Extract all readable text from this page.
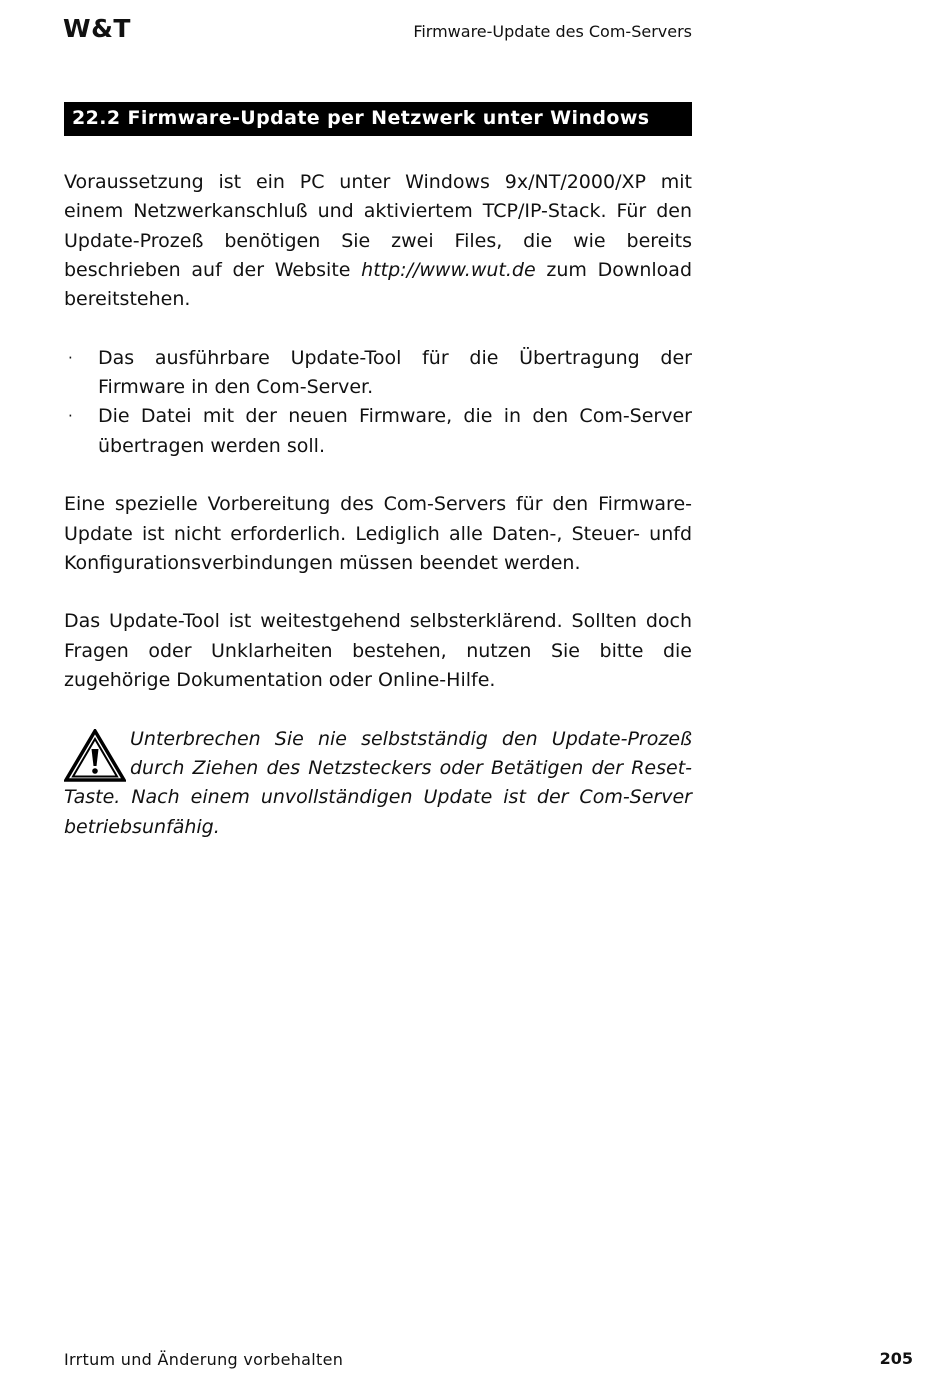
W&T	Firmware-Update des Com-Servers
22.2 Firmware-Update per Netzwerk unter Windows

Voraussetzung ist ein PC unter Windows 9x/NT/2000/XP mit einem Netzwerkanschluß und aktiviertem TCP/IP-Stack. Für den Update-Prozeß benötigen Sie zwei Files, die wie bereits beschrieben auf der Website http://www.wut.de zum Download bereitstehen.

· Das ausführbare Update-Tool für die Übertragung der Firmware in den Com-Server.
· Die Datei mit der neuen Firmware, die in den Com-Server übertragen werden soll.

Eine spezielle Vorbereitung des Com-Servers für den Firmware-Update ist nicht erforderlich. Lediglich alle Daten-, Steuer- unfd Konfigurationsverbindungen müssen beendet werden.

Das Update-Tool ist weitestgehend selbsterklärend. Sollten doch Fragen oder Unklarheiten bestehen, nutzen Sie bitte die zugehörige Dokumentation oder Online-Hilfe.

Unterbrechen Sie nie selbstständig den Update-Prozeß durch Ziehen des Netzsteckers oder Betätigen der Reset-Taste. Nach einem unvollständigen Update ist der Com-Server betriebsunfähig.
Irrtum und Änderung vorbehalten	205
